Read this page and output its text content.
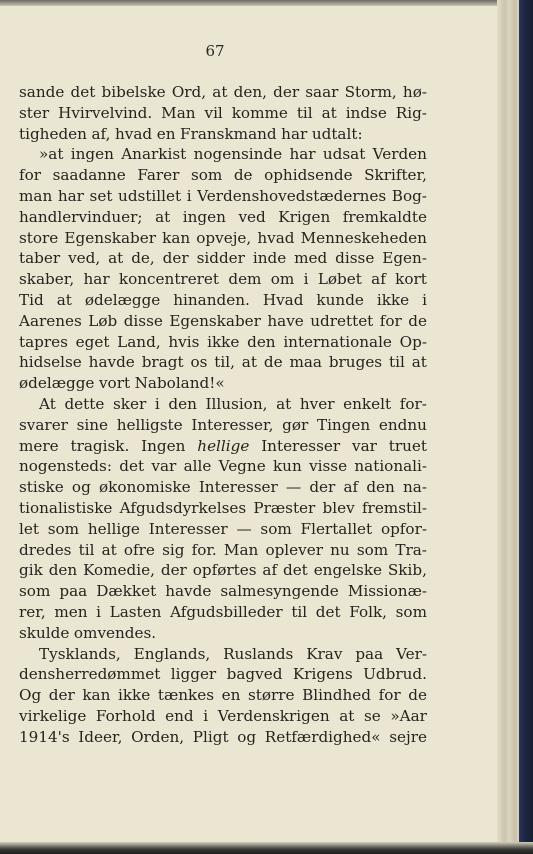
67
sande det bibelske Ord, at den, der saar Storm, hø-
ster Hvirvelvind. Man vil komme til at indse Rig-
tigheden af, hvad en Franskmand har udtalt:
»at ingen Anarkist nogensinde har udsat Verden
for saadanne Farer som de ophidsende Skrifter,
man har set udstillet i Verdenshovedstædernes Bog-
handlervinduer; at ingen ved Krigen fremkaldte
store Egenskaber kan opveje, hvad Menneskeheden
taber ved, at de, der sidder inde med disse Egen-
skaber, har koncentreret dem om i Løbet af kort
Tid at ødelægge hinanden. Hvad kunde ikke i
Aarenes Løb disse Egenskaber have udrettet for de
tapres eget Land, hvis ikke den internationale Op-
hidselse havde bragt os til, at de maa bruges til at
ødelægge vort Naboland!«
At dette sker i den Illusion, at hver enkelt for-
svarer sine helligste Interesser, gør Tingen endnu
mere tragisk. Ingen hellige Interesser var truet
nogensteds: det var alle Vegne kun visse nationali-
stiske og økonomiske Interesser — der af den na-
tionalistiske Afgudsdyrkelses Præster blev fremstil-
let som hellige Interesser — som Flertallet opfor-
dredes til at ofre sig for. Man oplever nu som Tra-
gik den Komedie, der opførtes af det engelske Skib,
som paa Dækket havde salmesyngende Missionæ-
rer, men i Lasten Afgudsbilleder til det Folk, som
skulde omvendes.
Tysklands, Englands, Ruslands Krav paa Ver-
densherredømmet ligger bagved Krigens Udbrud.
Og der kan ikke tænkes en større Blindhed for de
virkelige Forhold end i Verdenskrigen at se »Aar
1914's Ideer, Orden, Pligt og Retfærdighed« sejre
